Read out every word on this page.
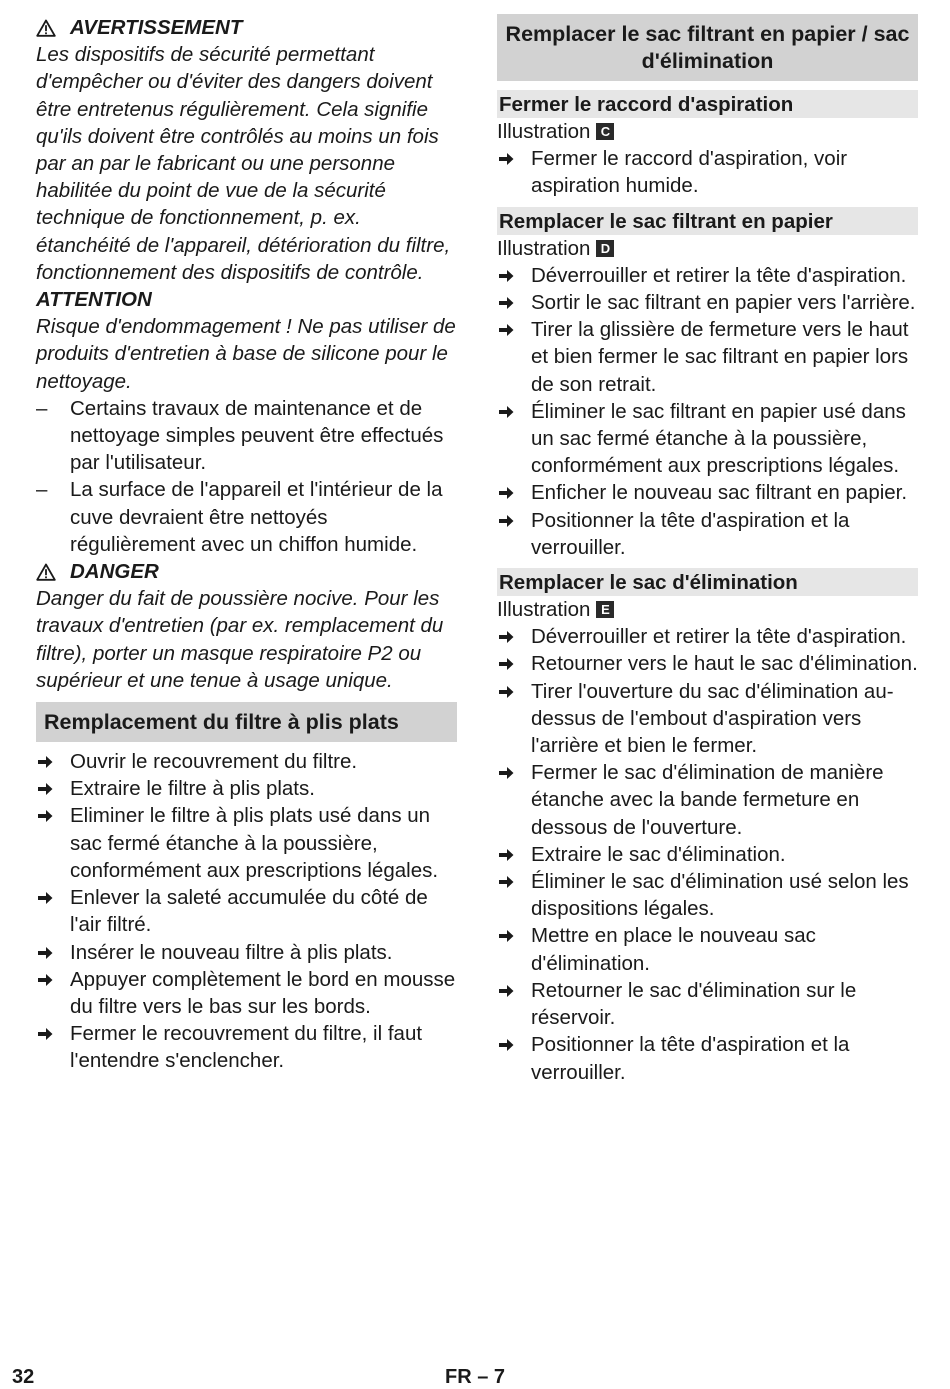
AVERTISSEMENT

Les dispositifs de sécurité permettant d'empêcher ou d'éviter des dangers doivent être entretenus régulièrement. Cela signifie qu'ils doivent être contrôlés au moins un fois par an par le fabricant ou une personne habilitée du point de vue de la sécurité technique de fonctionnement, p. ex. étanchéité de l'appareil, détérioration du filtre, fonctionnement des dispositifs de contrôle.

ATTENTION

Risque d'endommagement ! Ne pas utiliser de produits d'entretien à base de silicone pour le nettoyage.

–	Certains travaux de maintenance et de nettoyage simples peuvent être effectués par l'utilisateur.
–	La surface de l'appareil et l'intérieur de la cuve devraient être nettoyés régulièrement avec un chiffon humide.
DANGER

Danger du fait de poussière nocive. Pour les travaux d'entretien (par ex. remplacement du filtre), porter un masque respiratoire P2 ou supérieur et une tenue à usage unique.

Remplacement du filtre à plis plats
Ouvrir le recouvrement du filtre.
Extraire le filtre à plis plats.
Eliminer le filtre à plis plats usé dans un sac fermé étanche à la poussière, conformément aux prescriptions légales.
Enlever la saleté accumulée du côté de l'air filtré.
Insérer le nouveau filtre à plis plats.
Appuyer complètement le bord en mousse du filtre vers le bas sur les bords.
Fermer le recouvrement du filtre, il faut l'entendre s'enclencher.
Remplacer le sac filtrant en papier / sac d'élimination
Fermer le raccord d'aspiration
Illustration C
Fermer le raccord d'aspiration, voir aspiration humide.
Remplacer le sac filtrant en papier
Illustration D
Déverrouiller et retirer la tête d'aspiration.
Sortir le sac filtrant en papier vers l'arrière.
Tirer la glissière de fermeture vers le haut et bien fermer le sac filtrant en papier lors de son retrait.
Éliminer le sac filtrant en papier usé dans un sac fermé étanche à la poussière, conformément aux prescriptions légales.
Enficher le nouveau sac filtrant en papier.
Positionner la tête d'aspiration et la verrouiller.
Remplacer le sac d'élimination
Illustration E
Déverrouiller et retirer la tête d'aspiration.
Retourner vers le haut le sac d'élimination.
Tirer l'ouverture du sac d'élimination au-dessus de l'embout d'aspiration vers l'arrière et bien le fermer.
Fermer le sac d'élimination de manière étanche avec la bande fermeture en dessous de l'ouverture.
Extraire le sac d'élimination.
Éliminer le sac d'élimination usé selon les dispositions légales.
Mettre en place le nouveau sac d'élimination.
Retourner le sac d'élimination sur le réservoir.
Positionner la tête d'aspiration et la verrouiller.
32	FR – 7
